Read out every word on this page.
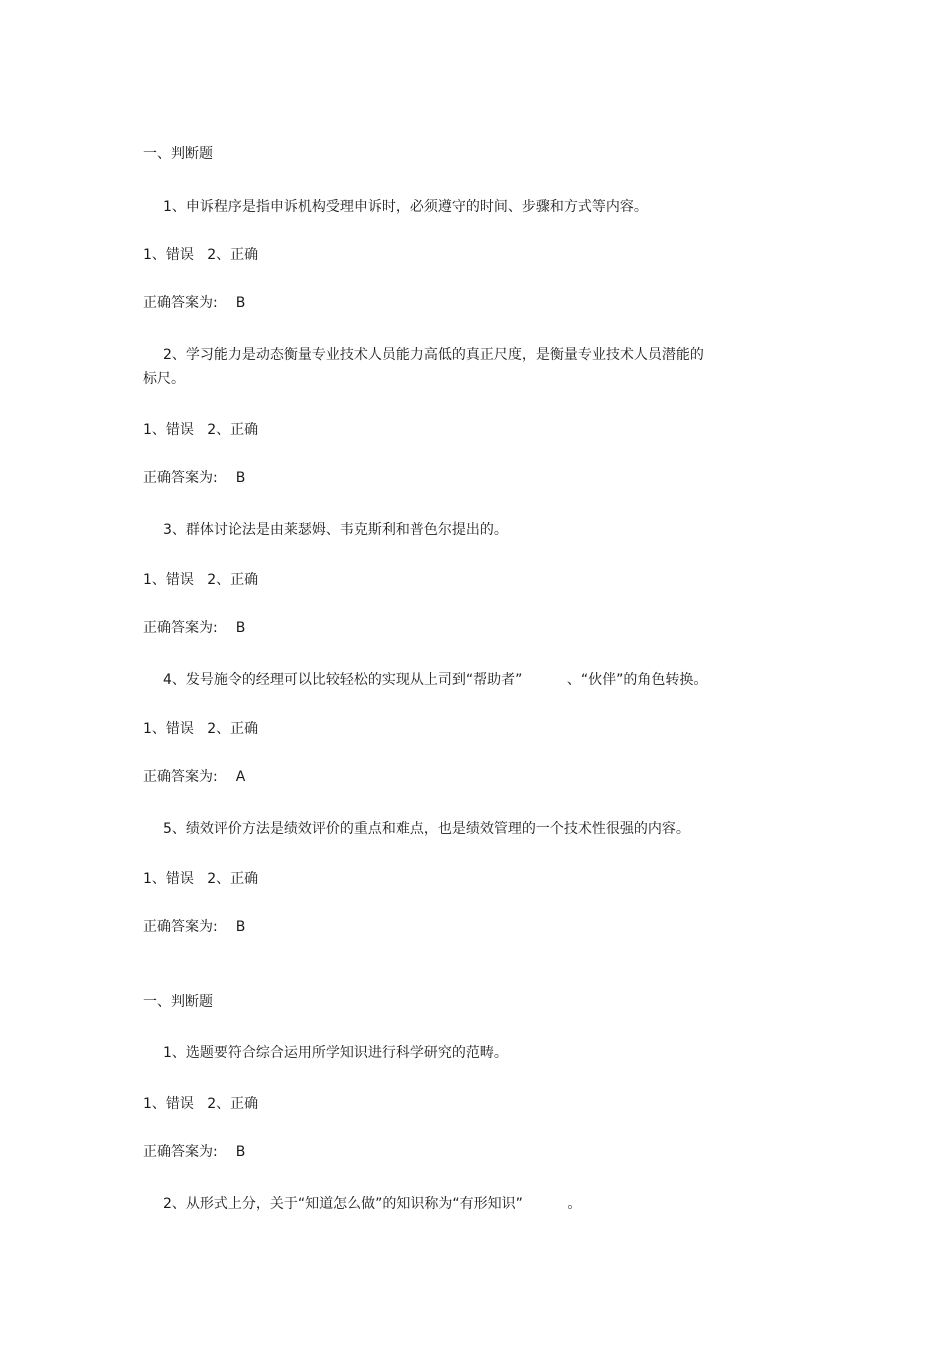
一、判断题
1、申诉程序是指申诉机构受理申诉时，必须遵守的时间、步骤和方式等内容。
1、错误   2、正确
正确答案为: B
2、学习能力是动态衡量专业技术人员能力高低的真正尺度，是衡量专业技术人员潜能的
标尺。
1、错误   2、正确
正确答案为: B
3、群体讨论法是由莱瑟姆、韦克斯利和普色尔提出的。
1、错误   2、正确
正确答案为: B
4、发号施令的经理可以比较轻松的实现从上司到“帮助者”          、“伙伴”的角色转换。
1、错误   2、正确
正确答案为: A
5、绩效评价方法是绩效评价的重点和难点，也是绩效管理的一个技术性很强的内容。
1、错误   2、正确
正确答案为: B
一、判断题
1、选题要符合综合运用所学知识进行科学研究的范畴。
1、错误   2、正确
正确答案为: B
2、从形式上分，关于“知道怎么做”的知识称为“有形知识”          。
